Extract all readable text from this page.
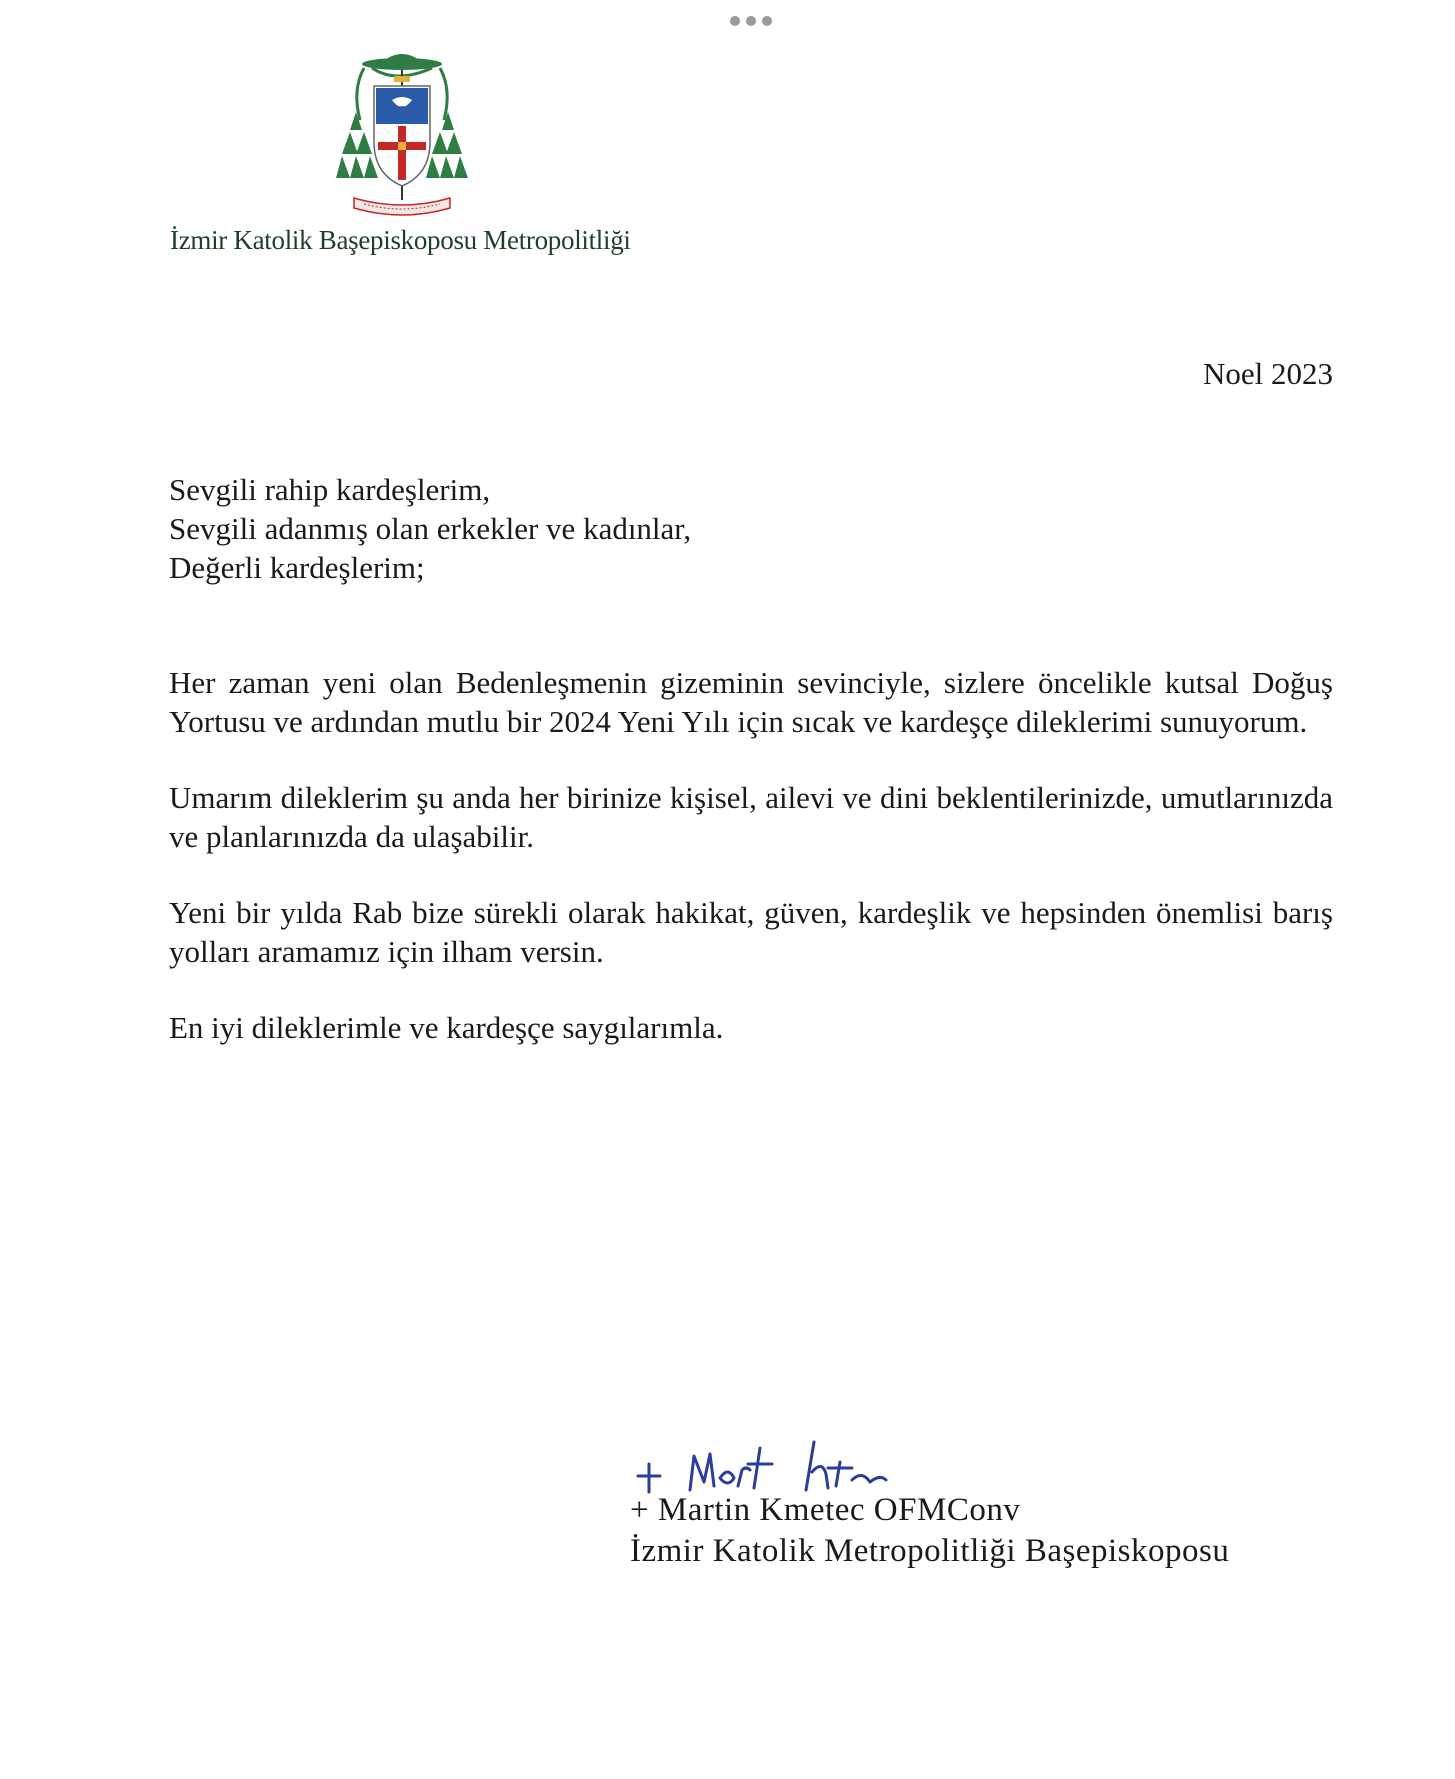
İzmir Katolik Başepiskoposu Metropolitliği
Noel 2023
Sevgili rahip kardeşlerim,
Sevgili adanmış olan erkekler ve kadınlar,
Değerli kardeşlerim;

Her zaman yeni olan Bedenleşmenin gizeminin sevinciyle, sizlere öncelikle kutsal Doğuş Yortusu ve ardından mutlu bir 2024 Yeni Yılı için sıcak ve kardeşçe dileklerimi sunuyorum.

Umarım dileklerim şu anda her birinize kişisel, ailevi ve dini beklentilerinizde, umutlarınızda ve planlarınızda da ulaşabilir.

Yeni bir yılda Rab bize sürekli olarak hakikat, güven, kardeşlik ve hepsinden önemlisi barış yolları aramamız için ilham versin.

En iyi dileklerimle ve kardeşçe saygılarımla.

+ Martin Kmetec OFMConv
İzmir Katolik Metropolitliği Başepiskoposu
